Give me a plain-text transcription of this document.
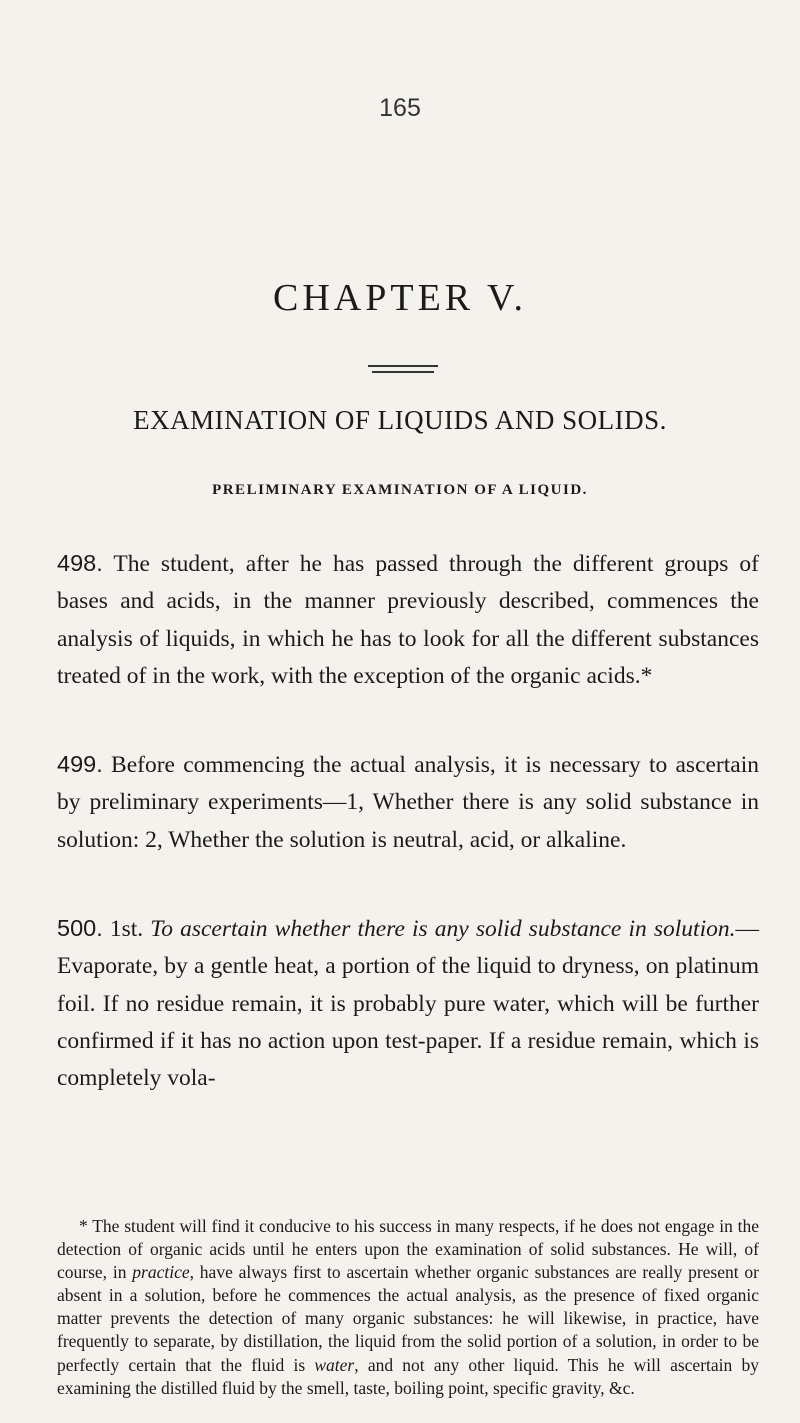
165
CHAPTER V.
EXAMINATION OF LIQUIDS AND SOLIDS.
PRELIMINARY EXAMINATION OF A LIQUID.

498. The student, after he has passed through the different groups of bases and acids, in the manner previously described, commences the analysis of liquids, in which he has to look for all the different substances treated of in the work, with the exception of the organic acids.*

499. Before commencing the actual analysis, it is necessary to ascertain by preliminary experiments—1, Whether there is any solid substance in solution: 2, Whether the solution is neutral, acid, or alkaline.

500. 1st. To ascertain whether there is any solid substance in solution.—Evaporate, by a gentle heat, a portion of the liquid to dryness, on platinum foil. If no residue remain, it is probably pure water, which will be further confirmed if it has no action upon test-paper. If a residue remain, which is completely vola-

* The student will find it conducive to his success in many respects, if he does not engage in the detection of organic acids until he enters upon the examination of solid substances. He will, of course, in practice, have always first to ascertain whether organic substances are really present or absent in a solution, before he commences the actual analysis, as the presence of fixed organic matter prevents the detection of many organic substances: he will likewise, in practice, have frequently to separate, by distillation, the liquid from the solid portion of a solution, in order to be perfectly certain that the fluid is water, and not any other liquid. This he will ascertain by examining the distilled fluid by the smell, taste, boiling point, specific gravity, &c.
